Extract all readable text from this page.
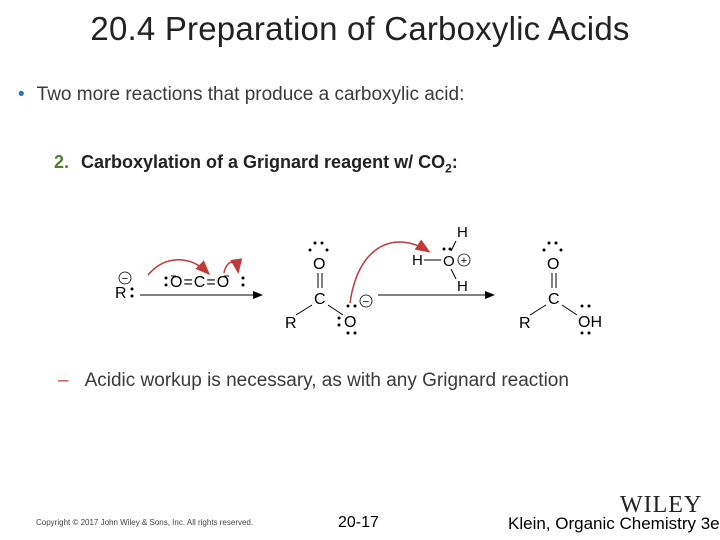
20.4 Preparation of Carboxylic Acids
• Two more reactions that produce a carboxylic acid:
2. Carboxylation of a Grignard reagent w/ $CO_2$:
−
R
O=C=O
O
C
R	O
−
H
H O +
H
O
C
R	OH
– Acidic workup is necessary, as with any Grignard reaction
Copyright © 2017 John Wiley & Sons, Inc. All rights reserved.	20-17
WILEY
Klein, Organic Chemistry 3e
